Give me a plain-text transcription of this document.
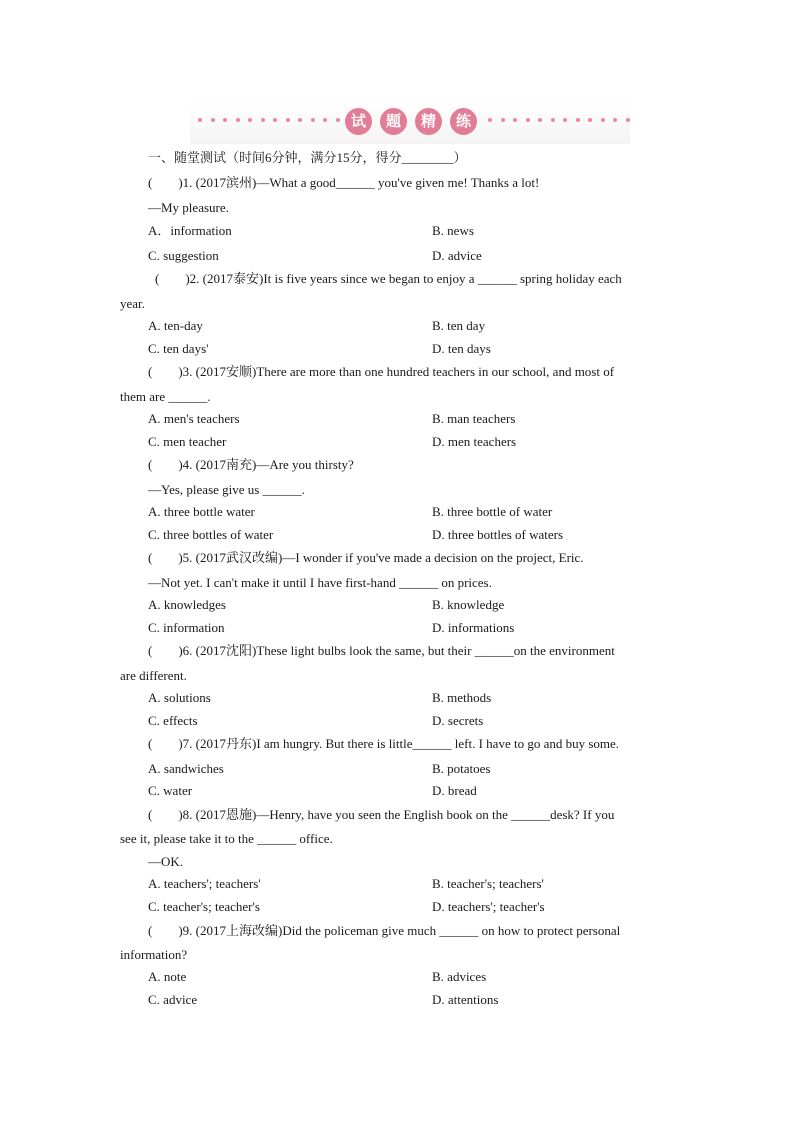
试	题	精	练
一、随堂测试（时间6分钟，满分15分，得分________）
(　　)1. (2017滨州)—What a good______ you've given me! Thanks a lot!
—My pleasure.
A．information	B. news
C. suggestion	D. advice
(　　)2. (2017泰安)It is five years since we began to enjoy a ______ spring holiday each
year.
A. ten-day	B. ten day
C. ten days'	D. ten days
(　　)3. (2017安顺)There are more than one hundred teachers in our school, and most of
them are ______.
A. men's teachers	B. man teachers
C. men teacher	D. men teachers
(　　)4. (2017南充)—Are you thirsty?
—Yes, please give us ______.
A. three bottle water	B. three bottle of water
C. three bottles of water	D. three bottles of waters
(　　)5. (2017武汉改编)—I wonder if you've made a decision on the project, Eric.
—Not yet. I can't make it until I have first-hand ______ on prices.
A. knowledges	B. knowledge
C. information	D. informations
(　　)6. (2017沈阳)These light bulbs look the same, but their ______on the environment
are different.
A. solutions	B. methods
C. effects	D. secrets
(　　)7. (2017丹东)I am hungry. But there is little______ left. I have to go and buy some.
A. sandwiches	B. potatoes
C. water	D. bread
(　　)8. (2017恩施)—Henry, have you seen the English book on the ______desk? If you
see it, please take it to the ______ office.
—OK.
A. teachers'; teachers'	B. teacher's; teachers'
C. teacher's; teacher's	D. teachers'; teacher's
(　　)9. (2017上海改编)Did the policeman give much ______ on how to protect personal
information?
A. note	B. advices
C. advice	D. attentions
